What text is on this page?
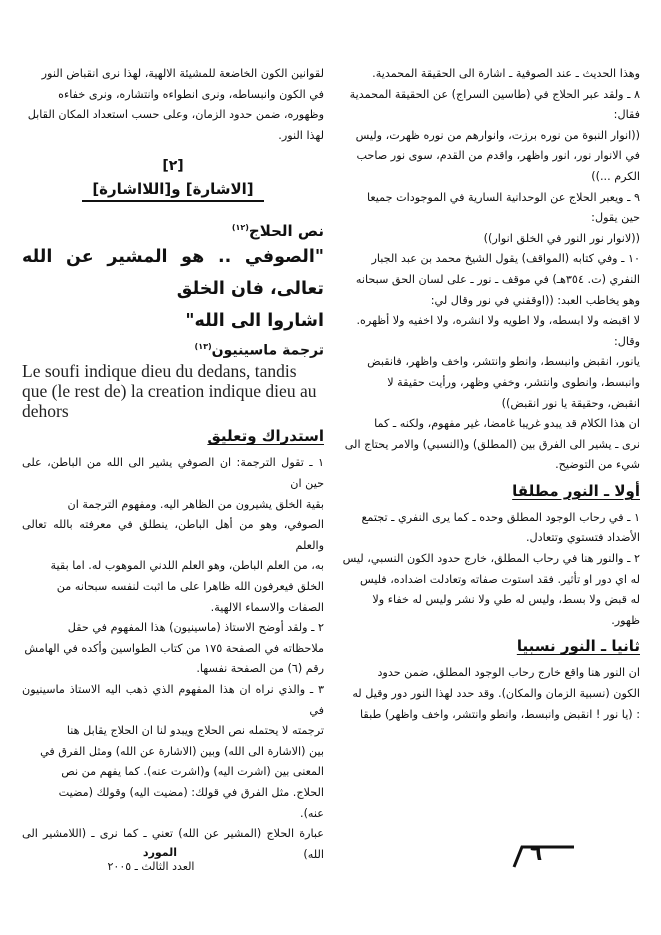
وهذا الحديث ـ عند الصوفية ـ اشارة الى الحقيقة المحمدية.

٨ ـ ولقد عبر الحلاج في (طاسين السراج) عن الحقيقة المحمدية

فقال:

((انوار النبوة من نوره برزت، وانوارهم من نوره ظهرت، وليس

في الانوار نور، انور واظهر، واقدم من القدم، سوى نور صاحب

الكرم ...))

٩ ـ ويعبر الحلاج عن الوحدانية السارية في الموجودات جميعا

حين يقول:

((لانوار نور النور في الخلق انوار))

١٠ ـ وفي كتابه (المواقف) يقول الشيخ محمد بن عبد الجبار

النفري (ت. ٣٥٤هـ) في موقف ـ نور ـ على لسان الحق سبحانه

وهو يخاطب العبد: ((اوقفني في نور وقال لي:

لا اقبضه ولا ابسطه، ولا اطويه ولا انشره، ولا اخفيه ولا أظهره.

وقال:

يانور، انقبض وانبسط، وانطو وانتشر، واخف واظهر، فانقبض

وانبسط، وانطوى وانتشر، وخفي وظهر، ورأيت حقيقة لا

انقبض، وحقيقة يا نور انقبض))

ان هذا الكلام قد يبدو غريبا غامضا، غير مفهوم، ولكنه ـ كما

نرى ـ يشير الى الفرق بين (المطلق) و(النسبي) والامر يحتاج الى

شيء من التوضيح.

أولا ـ النور مطلقا

١ ـ في رحاب الوجود المطلق وحده ـ كما يرى النفري ـ تجتمع

الأضداد فتستوي وتتعادل.

٢ ـ والنور هنا في رحاب المطلق، خارج حدود الكون النسبي، ليس

له اي دور او تأثير. فقد استوت صفاته وتعادلت اضداده، فليس

له قبض ولا بسط، وليس له طي ولا نشر وليس له خفاء ولا

ظهور.

ثانيا ـ النور نسبيا

ان النور هنا واقع خارج رحاب الوجود المطلق، ضمن حدود

الكون (نسبية الزمان والمكان). وقد حدد لهذا النور دور وقيل له

: (يا نور ! انقبض وانبسط، وانطو وانتشر، واخف واظهر) طبقا

لقوانين الكون الخاضعة للمشيئة الالهية، لهذا نرى انقباض النور

في الكون وانبساطه، ونرى انطواءه وانتشاره، ونرى خفاءه

وظهوره، ضمن حدود الزمان، وعلى حسب استعداد المكان القابل

لهذا النور.

[٢]
[الاشارة] و[اللااشارة]

نص الحلاج$^{(١٢)}$

"الصوفي .. هو المشير عن الله تعالى، فان الخلق

اشاروا الى الله"

ترجمة ماسينيون$^{(١٣)}$

Le soufi indique dieu du dedans, tandis que (le rest de) la creation indique dieu au dehors

استدراك وتعليق

١ ـ تقول الترجمة: ان الصوفي يشير الى الله من الباطن، على حين ان

بقية الخلق يشيرون من الظاهر اليه. ومفهوم الترجمة ان

الصوفي، وهو من أهل الباطن، ينطلق في معرفته بالله تعالى والعلم

به، من العلم الباطن، وهو العلم اللدني الموهوب له. اما بقية

الخلق فيعرفون الله ظاهرا على ما اثبت لنفسه سبحانه من

الصفات والاسماء الالهية.

٢ ـ ولقد أوضح الاستاذ (ماسينيون) هذا المفهوم في حقل

ملاحظاته في الصفحة ١٧٥ من كتاب الطواسين وأكده في الهامش

رقم (٦) من الصفحة نفسها.

٣ ـ والذي نراه ان هذا المفهوم الذي ذهب اليه الاستاذ ماسينيون في

ترجمته لا يحتمله نص الحلاج ويبدو لنا ان الحلاج يقابل هنا

بين (الاشارة الى الله) وبين (الاشارة عن الله) ومثل الفرق في

المعنى بين (اشرت اليه) و(اشرت عنه). كما يفهم من نص

الحلاج. مثل الفرق في قولك: (مضيت اليه) وقولك (مضيت

عنه).

عبارة الحلاج (المشير عن الله) تعني ـ كما نرى ـ (اللامشير الى الله)	٦
المورد
العدد الثالث ـ ٢٠٠٥
